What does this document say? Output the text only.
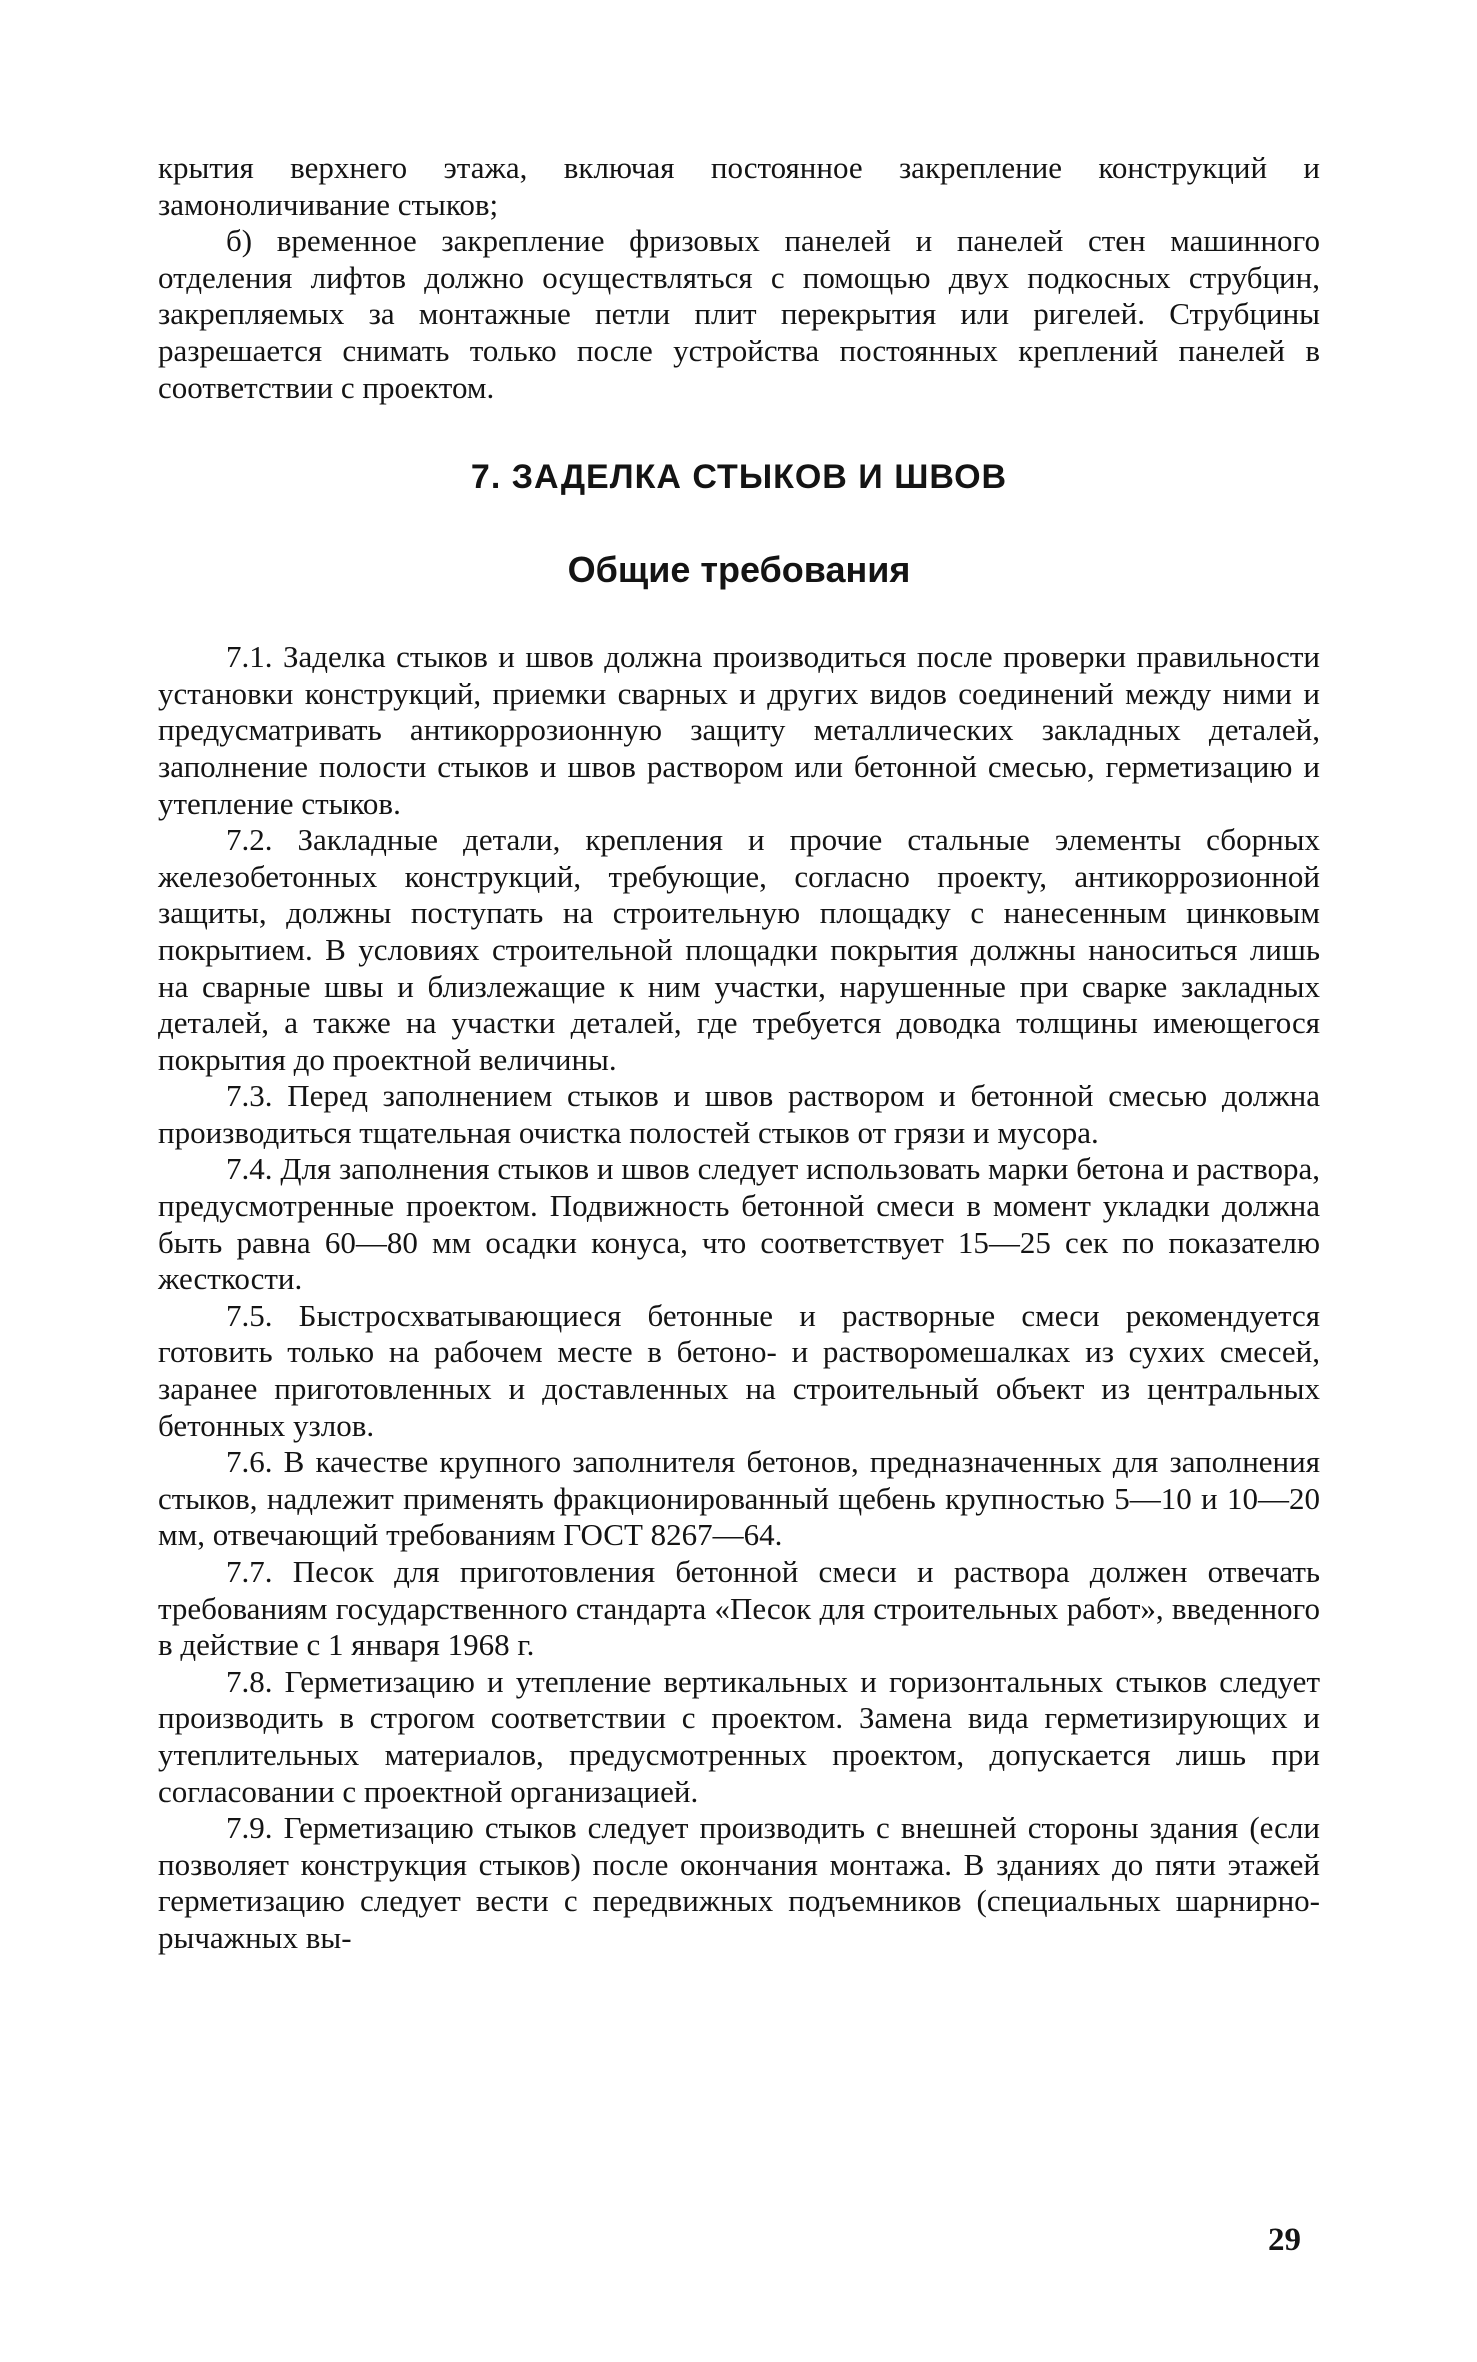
крытия верхнего этажа, включая постоянное закрепление конструкций и замоноличивание стыков;

б) временное закрепление фризовых панелей и панелей стен машинного отделения лифтов должно осуществляться с помощью двух подкосных струбцин, закрепляемых за монтажные петли плит перекрытия или ригелей. Струбцины разрешается снимать только после устройства постоянных креплений панелей в соответствии с проектом.

7. ЗАДЕЛКА СТЫКОВ И ШВОВ
Общие требования

7.1. Заделка стыков и швов должна производиться после проверки правильности установки конструкций, приемки сварных и других видов соединений между ними и предусматривать антикоррозионную защиту металлических закладных деталей, заполнение полости стыков и швов раствором или бетонной смесью, герметизацию и утепление стыков.

7.2. Закладные детали, крепления и прочие стальные элементы сборных железобетонных конструкций, требующие, согласно проекту, антикоррозионной защиты, должны поступать на строительную площадку с нанесенным цинковым покрытием. В условиях строительной площадки покрытия должны наноситься лишь на сварные швы и близлежащие к ним участки, нарушенные при сварке закладных деталей, а также на участки деталей, где требуется доводка толщины имеющегося покрытия до проектной величины.

7.3. Перед заполнением стыков и швов раствором и бетонной смесью должна производиться тщательная очистка полостей стыков от грязи и мусора.

7.4. Для заполнения стыков и швов следует использовать марки бетона и раствора, предусмотренные проектом. Подвижность бетонной смеси в момент укладки должна быть равна 60—80 мм осадки конуса, что соответствует 15—25 сек по показателю жесткости.

7.5. Быстросхватывающиеся бетонные и растворные смеси рекомендуется готовить только на рабочем месте в бетоно- и растворомешалках из сухих смесей, заранее приготовленных и доставленных на строительный объект из центральных бетонных узлов.

7.6. В качестве крупного заполнителя бетонов, предназначенных для заполнения стыков, надлежит применять фракционированный щебень крупностью 5—10 и 10—20 мм, отвечающий требованиям ГОСТ 8267—64.

7.7. Песок для приготовления бетонной смеси и раствора должен отвечать требованиям государственного стандарта «Песок для строительных работ», введенного в действие с 1 января 1968 г.

7.8. Герметизацию и утепление вертикальных и горизонтальных стыков следует производить в строгом соответствии с проектом. Замена вида герметизирующих и утеплительных материалов, предусмотренных проектом, допускается лишь при согласовании с проектной организацией.

7.9. Герметизацию стыков следует производить с внешней стороны здания (если позволяет конструкция стыков) после окончания монтажа. В зданиях до пяти этажей герметизацию следует вести с передвижных подъемников (специальных шарнирно-рычажных вы-

29
